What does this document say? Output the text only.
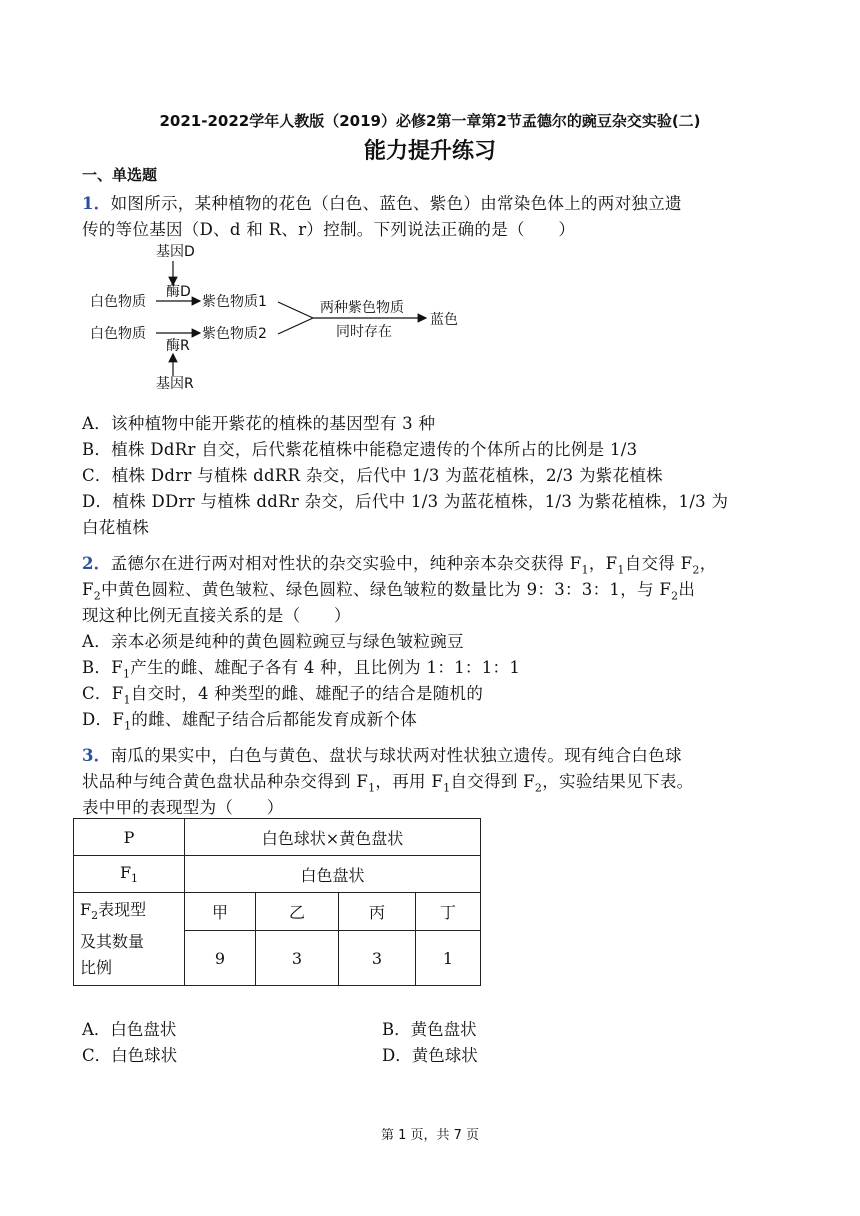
2021-2022学年人教版（2019）必修2第一章第2节孟德尔的豌豆杂交实验(二)
能力提升练习
一、单选题
1．如图所示，某种植物的花色（白色、蓝色、紫色）由常染色体上的两对独立遗
传的等位基因（D、d 和 R、r）控制。下列说法正确的是（　　）
基因D
酶D
白色物质	紫色物质1
白色物质	紫色物质2
酶R
基因R
两种紫色物质
同时存在
蓝色
A．该种植物中能开紫花的植株的基因型有 3 种
B．植株 DdRr 自交，后代紫花植株中能稳定遗传的个体所占的比例是 1/3
C．植株 Ddrr 与植株 ddRR 杂交，后代中 1/3 为蓝花植株，2/3 为紫花植株
D．植株 DDrr 与植株 ddRr 杂交，后代中 1/3 为蓝花植株，1/3 为紫花植株，1/3 为
白花植株
2．孟德尔在进行两对相对性状的杂交实验中，纯种亲本杂交获得 $F_1$，$F_1$自交得 $F_2$，
$F_2$中黄色圆粒、黄色皱粒、绿色圆粒、绿色皱粒的数量比为 9：3：3：1，与 $F_2$出
现这种比例无直接关系的是（　　）
A．亲本必须是纯种的黄色圆粒豌豆与绿色皱粒豌豆
B．$F_1$产生的雌、雄配子各有 4 种，且比例为 1：1：1：1
C．$F_1$自交时，4 种类型的雌、雄配子的结合是随机的
D．$F_1$的雌、雄配子结合后都能发育成新个体
3．南瓜的果实中，白色与黄色、盘状与球状两对性状独立遗传。现有纯合白色球
状品种与纯合黄色盘状品种杂交得到 $F_1$，再用 $F_1$自交得到 $F_2$，实验结果见下表。
表中甲的表现型为（　　）
P	白色球状×黄色盘状			
$F_1$	白色盘状			
$F_2$表现型
及其数量
比例	甲	乙	丙	丁
	9	3	3	1
A．白色盘状	B．黄色盘状
C．白色球状	D．黄色球状
第 1 页，共 7 页
